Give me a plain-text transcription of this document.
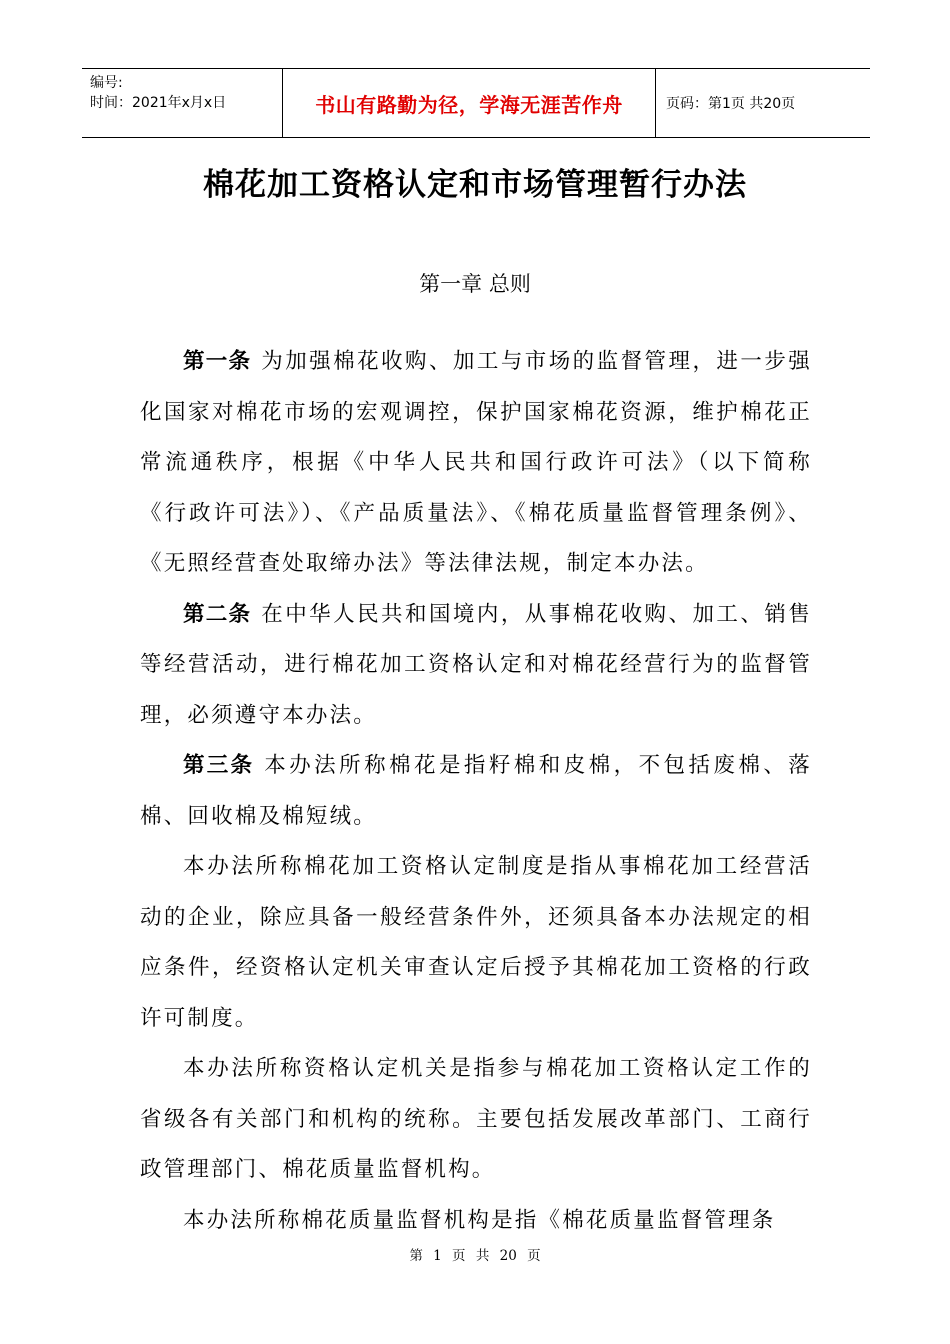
编号:
时间：2021年x月x日	书山有路勤为径，学海无涯苦作舟	页码：第1页 共20页
棉花加工资格认定和市场管理暂行办法
第一章 总则

第一条 为加强棉花收购、加工与市场的监督管理，进一步强化国家对棉花市场的宏观调控，保护国家棉花资源，维护棉花正常流通秩序，根据《中华人民共和国行政许可法》（以下简称《行政许可法》）、《产品质量法》、《棉花质量监督管理条例》、《无照经营查处取缔办法》等法律法规，制定本办法。

第二条 在中华人民共和国境内，从事棉花收购、加工、销售等经营活动，进行棉花加工资格认定和对棉花经营行为的监督管理，必须遵守本办法。

第三条 本办法所称棉花是指籽棉和皮棉，不包括废棉、落棉、回收棉及棉短绒。

本办法所称棉花加工资格认定制度是指从事棉花加工经营活动的企业，除应具备一般经营条件外，还须具备本办法规定的相应条件，经资格认定机关审查认定后授予其棉花加工资格的行政许可制度。

本办法所称资格认定机关是指参与棉花加工资格认定工作的省级各有关部门和机构的统称。主要包括发展改革部门、工商行政管理部门、棉花质量监督机构。

本办法所称棉花质量监督机构是指《棉花质量监督管理条

第 1 页 共 20 页
